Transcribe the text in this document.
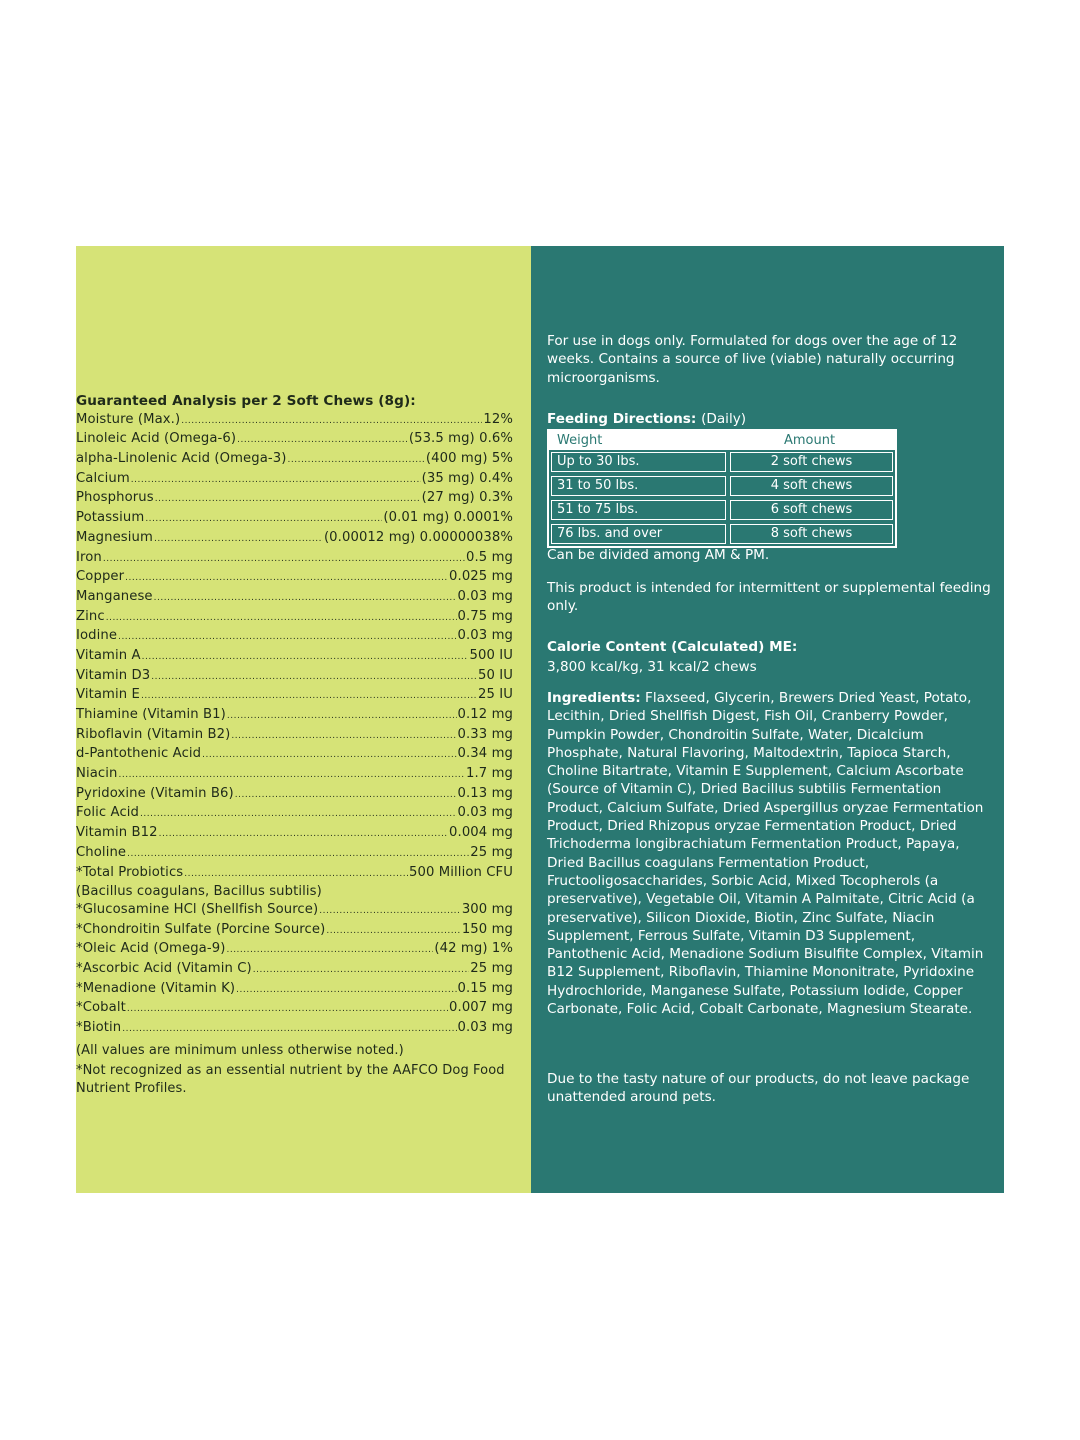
Guaranteed Analysis per 2 Soft Chews (8g):
Moisture (Max.) .....	12%
Linoleic Acid (Omega-6) .....	(53.5 mg) 0.6%
alpha-Linolenic Acid (Omega-3) .....	(400 mg) 5%
Calcium .....	(35 mg) 0.4%
Phosphorus .....	(27 mg) 0.3%
Potassium .....	(0.01 mg) 0.0001%
Magnesium .....	(0.00012 mg) 0.00000038%
Iron .....	0.5 mg
Copper .....	0.025 mg
Manganese .....	0.03 mg
Zinc .....	0.75 mg
Iodine .....	0.03 mg
Vitamin A .....	500 IU
Vitamin D3 .....	50 IU
Vitamin E .....	25 IU
Thiamine (Vitamin B1) .....	0.12 mg
Riboflavin (Vitamin B2) .....	0.33 mg
d-Pantothenic Acid .....	0.34 mg
Niacin .....	1.7 mg
Pyridoxine (Vitamin B6) .....	0.13 mg
Folic Acid .....	0.03 mg
Vitamin B12 .....	0.004 mg
Choline .....	25 mg
*Total Probiotics .....	500 Million CFU
(Bacillus coagulans, Bacillus subtilis)
*Glucosamine HCl (Shellfish Source) .....	300 mg
*Chondroitin Sulfate (Porcine Source) .....	150 mg
*Oleic Acid (Omega-9) .....	(42 mg) 1%
*Ascorbic Acid (Vitamin C) .....	25 mg
*Menadione (Vitamin K) .....	0.15 mg
*Cobalt .....	0.007 mg
*Biotin .....	0.03 mg
(All values are minimum unless otherwise noted.)
*Not recognized as an essential nutrient by the AAFCO Dog Food Nutrient Profiles.
For use in dogs only. Formulated for dogs over the age of 12 weeks. Contains a source of live (viable) naturally occurring microorganisms.
Feeding Directions: (Daily)
Weight	Amount
Up to 30 lbs.	2 soft chews
31 to 50 lbs.	4 soft chews
51 to 75 lbs.	6 soft chews
76 lbs. and over	8 soft chews
Can be divided among AM & PM.
This product is intended for intermittent or supplemental feeding only.
Calorie Content (Calculated) ME:
3,800 kcal/kg, 31 kcal/2 chews
Ingredients: Flaxseed, Glycerin, Brewers Dried Yeast, Potato, Lecithin, Dried Shellfish Digest, Fish Oil, Cranberry Powder, Pumpkin Powder, Chondroitin Sulfate, Water, Dicalcium Phosphate, Natural Flavoring, Maltodextrin, Tapioca Starch, Choline Bitartrate, Vitamin E Supplement, Calcium Ascorbate (Source of Vitamin C), Dried Bacillus subtilis Fermentation Product, Calcium Sulfate, Dried Aspergillus oryzae Fermentation Product, Dried Rhizopus oryzae Fermentation Product, Dried Trichoderma longibrachiatum Fermentation Product, Papaya, Dried Bacillus coagulans Fermentation Product, Fructooligosaccharides, Sorbic Acid, Mixed Tocopherols (a preservative), Vegetable Oil, Vitamin A Palmitate, Citric Acid (a preservative), Silicon Dioxide, Biotin, Zinc Sulfate, Niacin Supplement, Ferrous Sulfate, Vitamin D3 Supplement, Pantothenic Acid, Menadione Sodium Bisulfite Complex, Vitamin B12 Supplement, Riboflavin, Thiamine Mononitrate, Pyridoxine Hydrochloride, Manganese Sulfate, Potassium Iodide, Copper Carbonate, Folic Acid, Cobalt Carbonate, Magnesium Stearate.
Due to the tasty nature of our products, do not leave package unattended around pets.
